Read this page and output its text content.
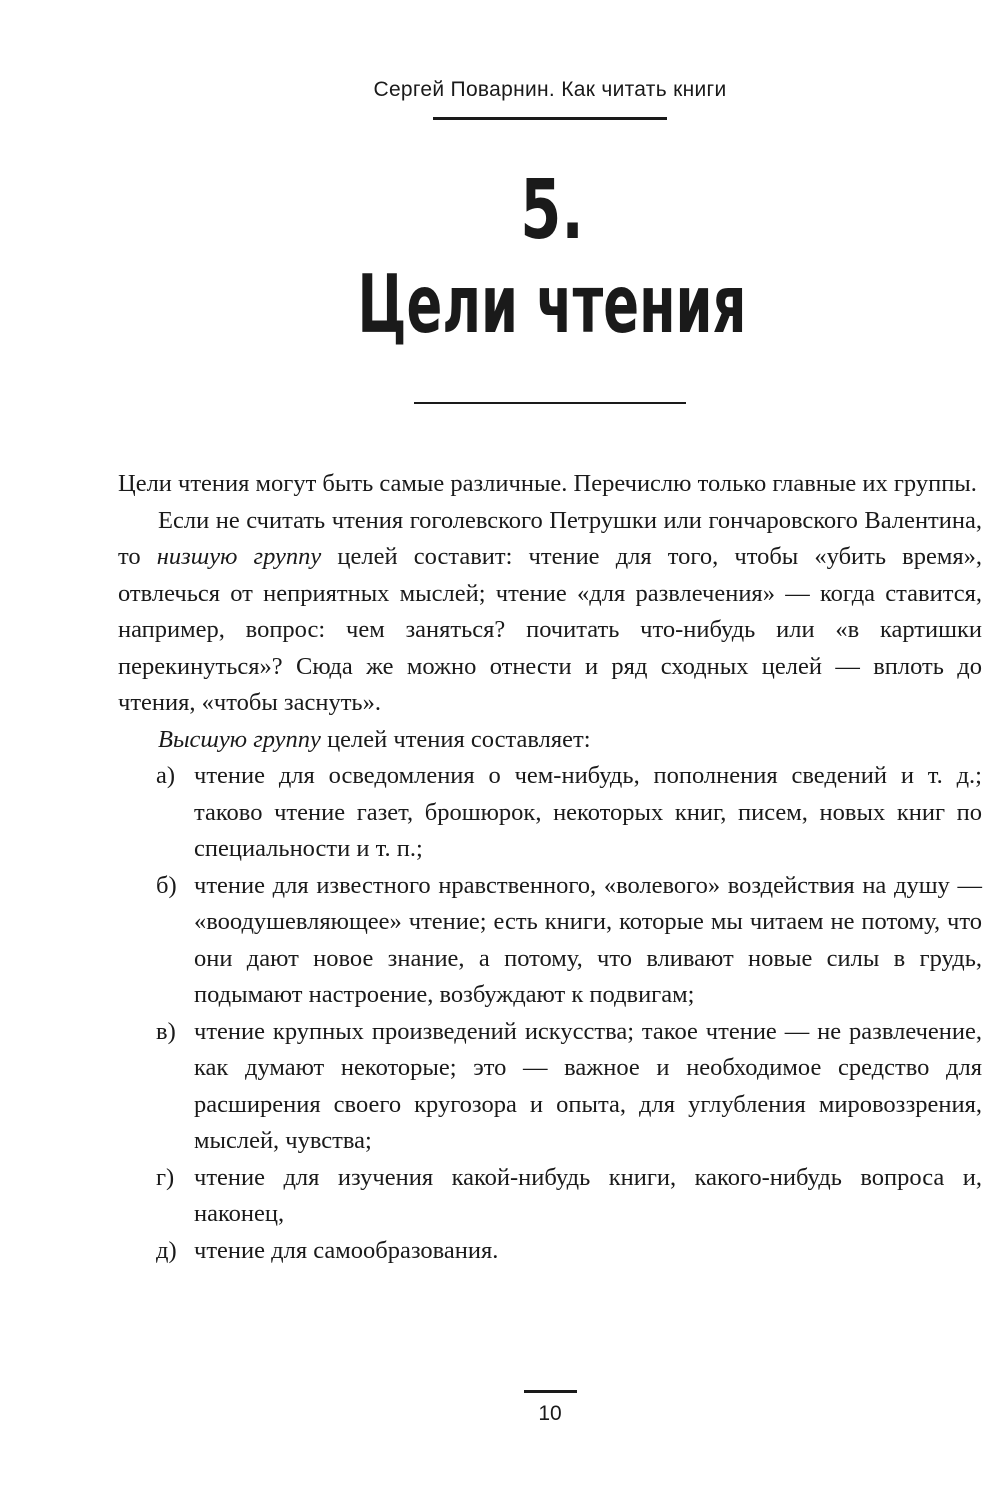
Сергей Поварнин. Как читать книги
5.
Цели чтения

Цели чтения могут быть самые различные. Перечислю только главные их группы.

Если не считать чтения гоголевского Петрушки или гончаровского Валентина, то низшую группу целей составит: чтение для того, чтобы «убить время», отвлечься от неприятных мыслей; чтение «для развлечения» — когда ставится, например, вопрос: чем заняться? почитать что-нибудь или «в картишки перекинуться»? Сюда же можно отнести и ряд сходных целей — вплоть до чтения, «чтобы заснуть».

Высшую группу целей чтения составляет:

а) чтение для осведомления о чем-нибудь, пополнения сведений и т. д.; таково чтение газет, брошюрок, некоторых книг, писем, новых книг по специальности и т. п.;
б) чтение для известного нравственного, «волевого» воздействия на душу — «воодушевляющее» чтение; есть книги, которые мы читаем не потому, что они дают новое знание, а потому, что вливают новые силы в грудь, подымают настроение, возбуждают к подвигам;
в) чтение крупных произведений искусства; такое чтение — не развлечение, как думают некоторые; это — важное и необходимое средство для расширения своего кругозора и опыта, для углубления мировоззрения, мыслей, чувства;
г) чтение для изучения какой-нибудь книги, какого-нибудь вопроса и, наконец,
д) чтение для самообразования.
10
